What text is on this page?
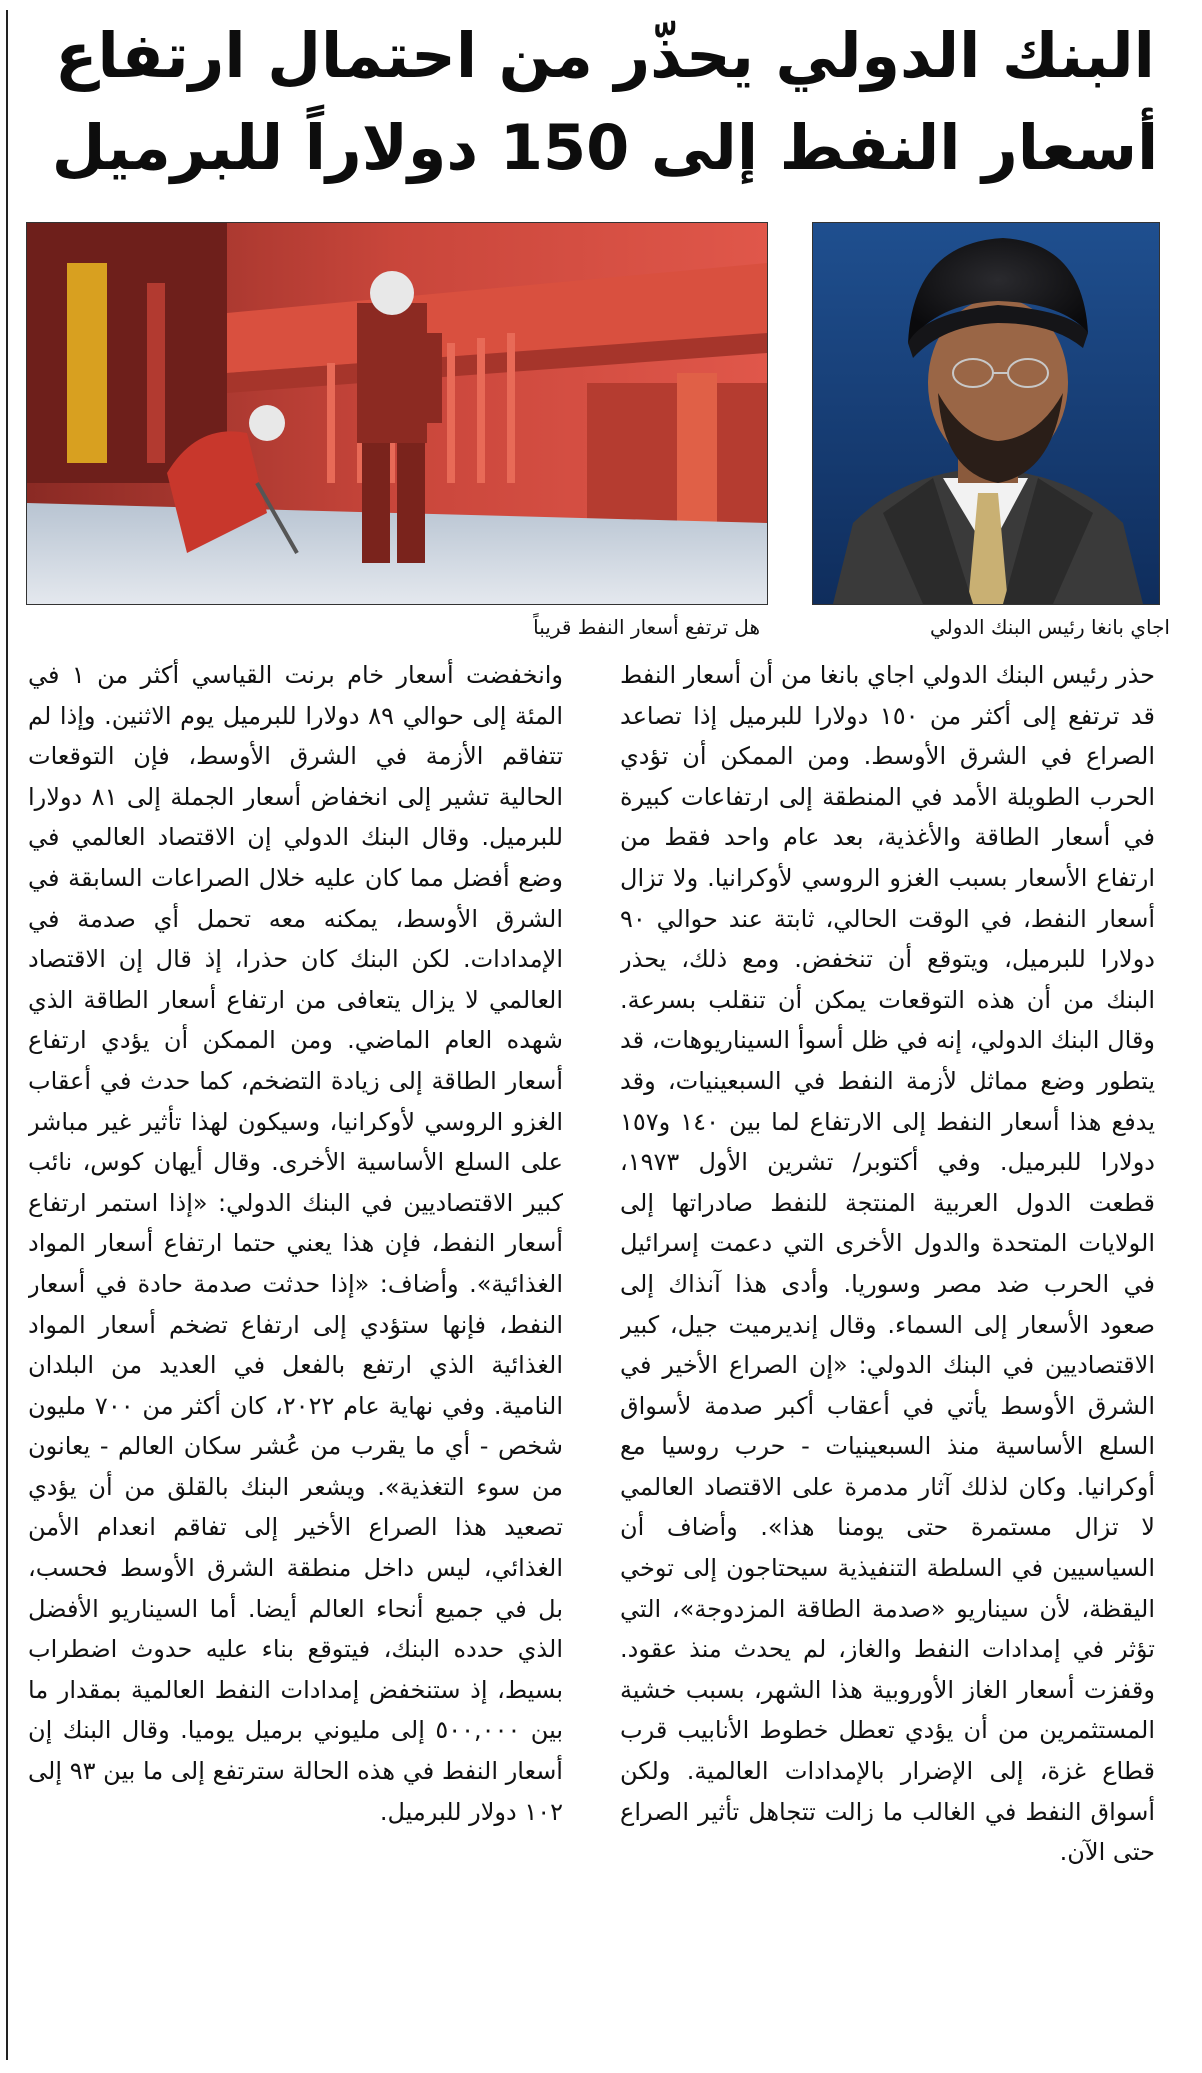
البنك الدولي يحذّر من احتمال ارتفاع
أسعار النفط إلى 150 دولاراً للبرميل
اجاي بانغا رئيس البنك الدولي
هل ترتفع أسعار النفط قريباً

حذر رئيس البنك الدولي اجاي بانغا من أن أسعار النفط قد ترتفع إلى أكثر من ١٥٠ دولارا للبرميل إذا تصاعد الصراع في الشرق الأوسط. ومن الممكن أن تؤدي الحرب الطويلة الأمد في المنطقة إلى ارتفاعات كبيرة في أسعار الطاقة والأغذية، بعد عام واحد فقط من ارتفاع الأسعار بسبب الغزو الروسي لأوكرانيا. ولا تزال أسعار النفط، في الوقت الحالي، ثابتة عند حوالي ٩٠ دولارا للبرميل، ويتوقع أن تنخفض. ومع ذلك، يحذر البنك من أن هذه التوقعات يمكن أن تنقلب بسرعة. وقال البنك الدولي، إنه في ظل أسوأ السيناريوهات، قد يتطور وضع مماثل لأزمة النفط في السبعينيات، وقد يدفع هذا أسعار النفط إلى الارتفاع لما بين ١٤٠ و١٥٧ دولارا للبرميل. وفي أكتوبر/ تشرين الأول ١٩٧٣، قطعت الدول العربية المنتجة للنفط صادراتها إلى الولايات المتحدة والدول الأخرى التي دعمت إسرائيل في الحرب ضد مصر وسوريا. وأدى هذا آنذاك إلى صعود الأسعار إلى السماء. وقال إنديرميت جيل، كبير الاقتصاديين في البنك الدولي: «إن الصراع الأخير في الشرق الأوسط يأتي في أعقاب أكبر صدمة لأسواق السلع الأساسية منذ السبعينيات - حرب روسيا مع أوكرانيا. وكان لذلك آثار مدمرة على الاقتصاد العالمي لا تزال مستمرة حتى يومنا هذا». وأضاف أن السياسيين في السلطة التنفيذية سيحتاجون إلى توخي اليقظة، لأن سيناريو «صدمة الطاقة المزدوجة»، التي تؤثر في إمدادات النفط والغاز، لم يحدث منذ عقود. وقفزت أسعار الغاز الأوروبية هذا الشهر، بسبب خشية المستثمرين من أن يؤدي تعطل خطوط الأنابيب قرب قطاع غزة، إلى الإضرار بالإمدادات العالمية. ولكن أسواق النفط في الغالب ما زالت تتجاهل تأثير الصراع حتى الآن.

وانخفضت أسعار خام برنت القياسي أكثر من ١ في المئة إلى حوالي ٨٩ دولارا للبرميل يوم الاثنين. وإذا لم تتفاقم الأزمة في الشرق الأوسط، فإن التوقعات الحالية تشير إلى انخفاض أسعار الجملة إلى ٨١ دولارا للبرميل. وقال البنك الدولي إن الاقتصاد العالمي في وضع أفضل مما كان عليه خلال الصراعات السابقة في الشرق الأوسط، يمكنه معه تحمل أي صدمة في الإمدادات. لكن البنك كان حذرا، إذ قال إن الاقتصاد العالمي لا يزال يتعافى من ارتفاع أسعار الطاقة الذي شهده العام الماضي. ومن الممكن أن يؤدي ارتفاع أسعار الطاقة إلى زيادة التضخم، كما حدث في أعقاب الغزو الروسي لأوكرانيا، وسيكون لهذا تأثير غير مباشر على السلع الأساسية الأخرى. وقال أيهان كوس، نائب كبير الاقتصاديين في البنك الدولي: «إذا استمر ارتفاع أسعار النفط، فإن هذا يعني حتما ارتفاع أسعار المواد الغذائية». وأضاف: «إذا حدثت صدمة حادة في أسعار النفط، فإنها ستؤدي إلى ارتفاع تضخم أسعار المواد الغذائية الذي ارتفع بالفعل في العديد من البلدان النامية. وفي نهاية عام ٢٠٢٢، كان أكثر من ٧٠٠ مليون شخص - أي ما يقرب من عُشر سكان العالم - يعانون من سوء التغذية». ويشعر البنك بالقلق من أن يؤدي تصعيد هذا الصراع الأخير إلى تفاقم انعدام الأمن الغذائي، ليس داخل منطقة الشرق الأوسط فحسب، بل في جميع أنحاء العالم أيضا. أما السيناريو الأفضل الذي حدده البنك، فيتوقع بناء عليه حدوث اضطراب بسيط، إذ ستنخفض إمدادات النفط العالمية بمقدار ما بين ٥٠٠,٠٠٠ إلى مليوني برميل يوميا. وقال البنك إن أسعار النفط في هذه الحالة سترتفع إلى ما بين ٩٣ إلى ١٠٢ دولار للبرميل.
